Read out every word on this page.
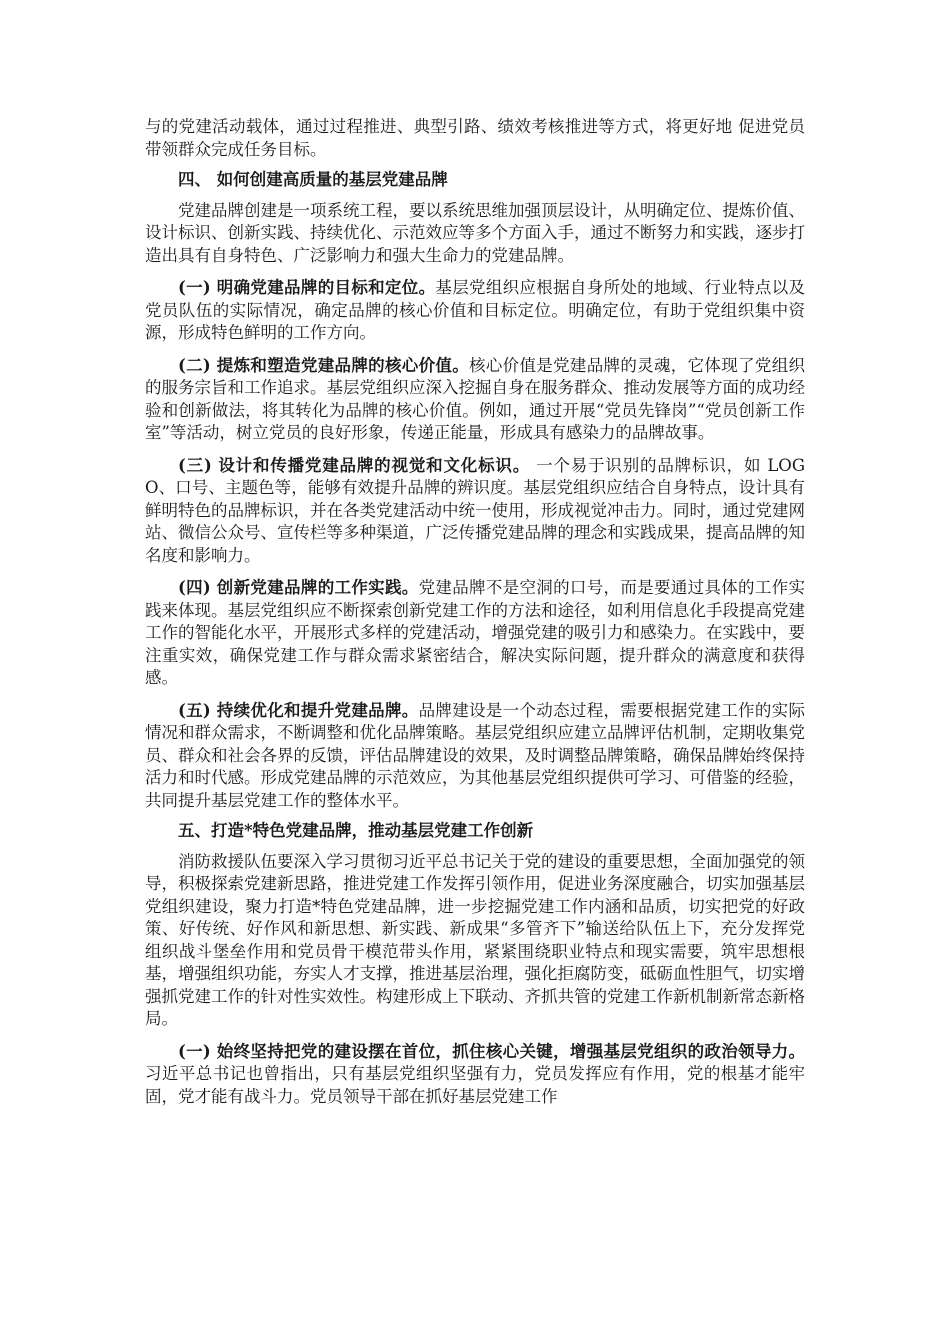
与的党建活动载体，通过过程推进、典型引路、绩效考核推进等方式，将更好地 促进党员带领群众完成任务目标。

四、 如何创建高质量的基层党建品牌

党建品牌创建是一项系统工程，要以系统思维加强顶层设计，从明确定位、提炼价值、设计标识、创新实践、持续优化、示范效应等多个方面入手，通过不断努力和实践，逐步打造出具有自身特色、广泛影响力和强大生命力的党建品牌。

(一) 明确党建品牌的目标和定位。基层党组织应根据自身所处的地域、行业特点以及党员队伍的实际情况，确定品牌的核心价值和目标定位。明确定位，有助于党组织集中资源，形成特色鲜明的工作方向。

(二) 提炼和塑造党建品牌的核心价值。核心价值是党建品牌的灵魂，它体现了党组织的服务宗旨和工作追求。基层党组织应深入挖掘自身在服务群众、推动发展等方面的成功经验和创新做法，将其转化为品牌的核心价值。例如，通过开展“党员先锋岗”“党员创新工作室”等活动，树立党员的良好形象，传递正能量，形成具有感染力的品牌故事。

(三) 设计和传播党建品牌的视觉和文化标识。 一个易于识别的品牌标识，如 LOGO、口号、主题色等，能够有效提升品牌的辨识度。基层党组织应结合自身特点，设计具有鲜明特色的品牌标识，并在各类党建活动中统一使用，形成视觉冲击力。同时，通过党建网站、微信公众号、宣传栏等多种渠道，广泛传播党建品牌的理念和实践成果，提高品牌的知名度和影响力。

(四) 创新党建品牌的工作实践。党建品牌不是空洞的口号，而是要通过具体的工作实践来体现。基层党组织应不断探索创新党建工作的方法和途径，如利用信息化手段提高党建工作的智能化水平，开展形式多样的党建活动，增强党建的吸引力和感染力。在实践中，要注重实效，确保党建工作与群众需求紧密结合，解决实际问题，提升群众的满意度和获得感。

(五) 持续优化和提升党建品牌。品牌建设是一个动态过程，需要根据党建工作的实际情况和群众需求，不断调整和优化品牌策略。基层党组织应建立品牌评估机制，定期收集党员、群众和社会各界的反馈，评估品牌建设的效果，及时调整品牌策略，确保品牌始终保持活力和时代感。形成党建品牌的示范效应，为其他基层党组织提供可学习、可借鉴的经验，共同提升基层党建工作的整体水平。

五、打造*特色党建品牌，推动基层党建工作创新

消防救援队伍要深入学习贯彻习近平总书记关于党的建设的重要思想，全面加强党的领导，积极探索党建新思路，推进党建工作发挥引领作用，促进业务深度融合，切实加强基层党组织建设，聚力打造*特色党建品牌，进一步挖掘党建工作内涵和品质，切实把党的好政策、好传统、好作风和新思想、新实践、新成果“多管齐下”输送给队伍上下，充分发挥党组织战斗堡垒作用和党员骨干模范带头作用，紧紧围绕职业特点和现实需要，筑牢思想根基，增强组织功能，夯实人才支撑，推进基层治理，强化拒腐防变，砥砺血性胆气，切实增强抓党建工作的针对性实效性。构建形成上下联动、齐抓共管的党建工作新机制新常态新格局。

(一) 始终坚持把党的建设摆在首位，抓住核心关键，增强基层党组织的政治领导力。习近平总书记也曾指出，只有基层党组织坚强有力，党员发挥应有作用，党的根基才能牢固，党才能有战斗力。党员领导干部在抓好基层党建工作
